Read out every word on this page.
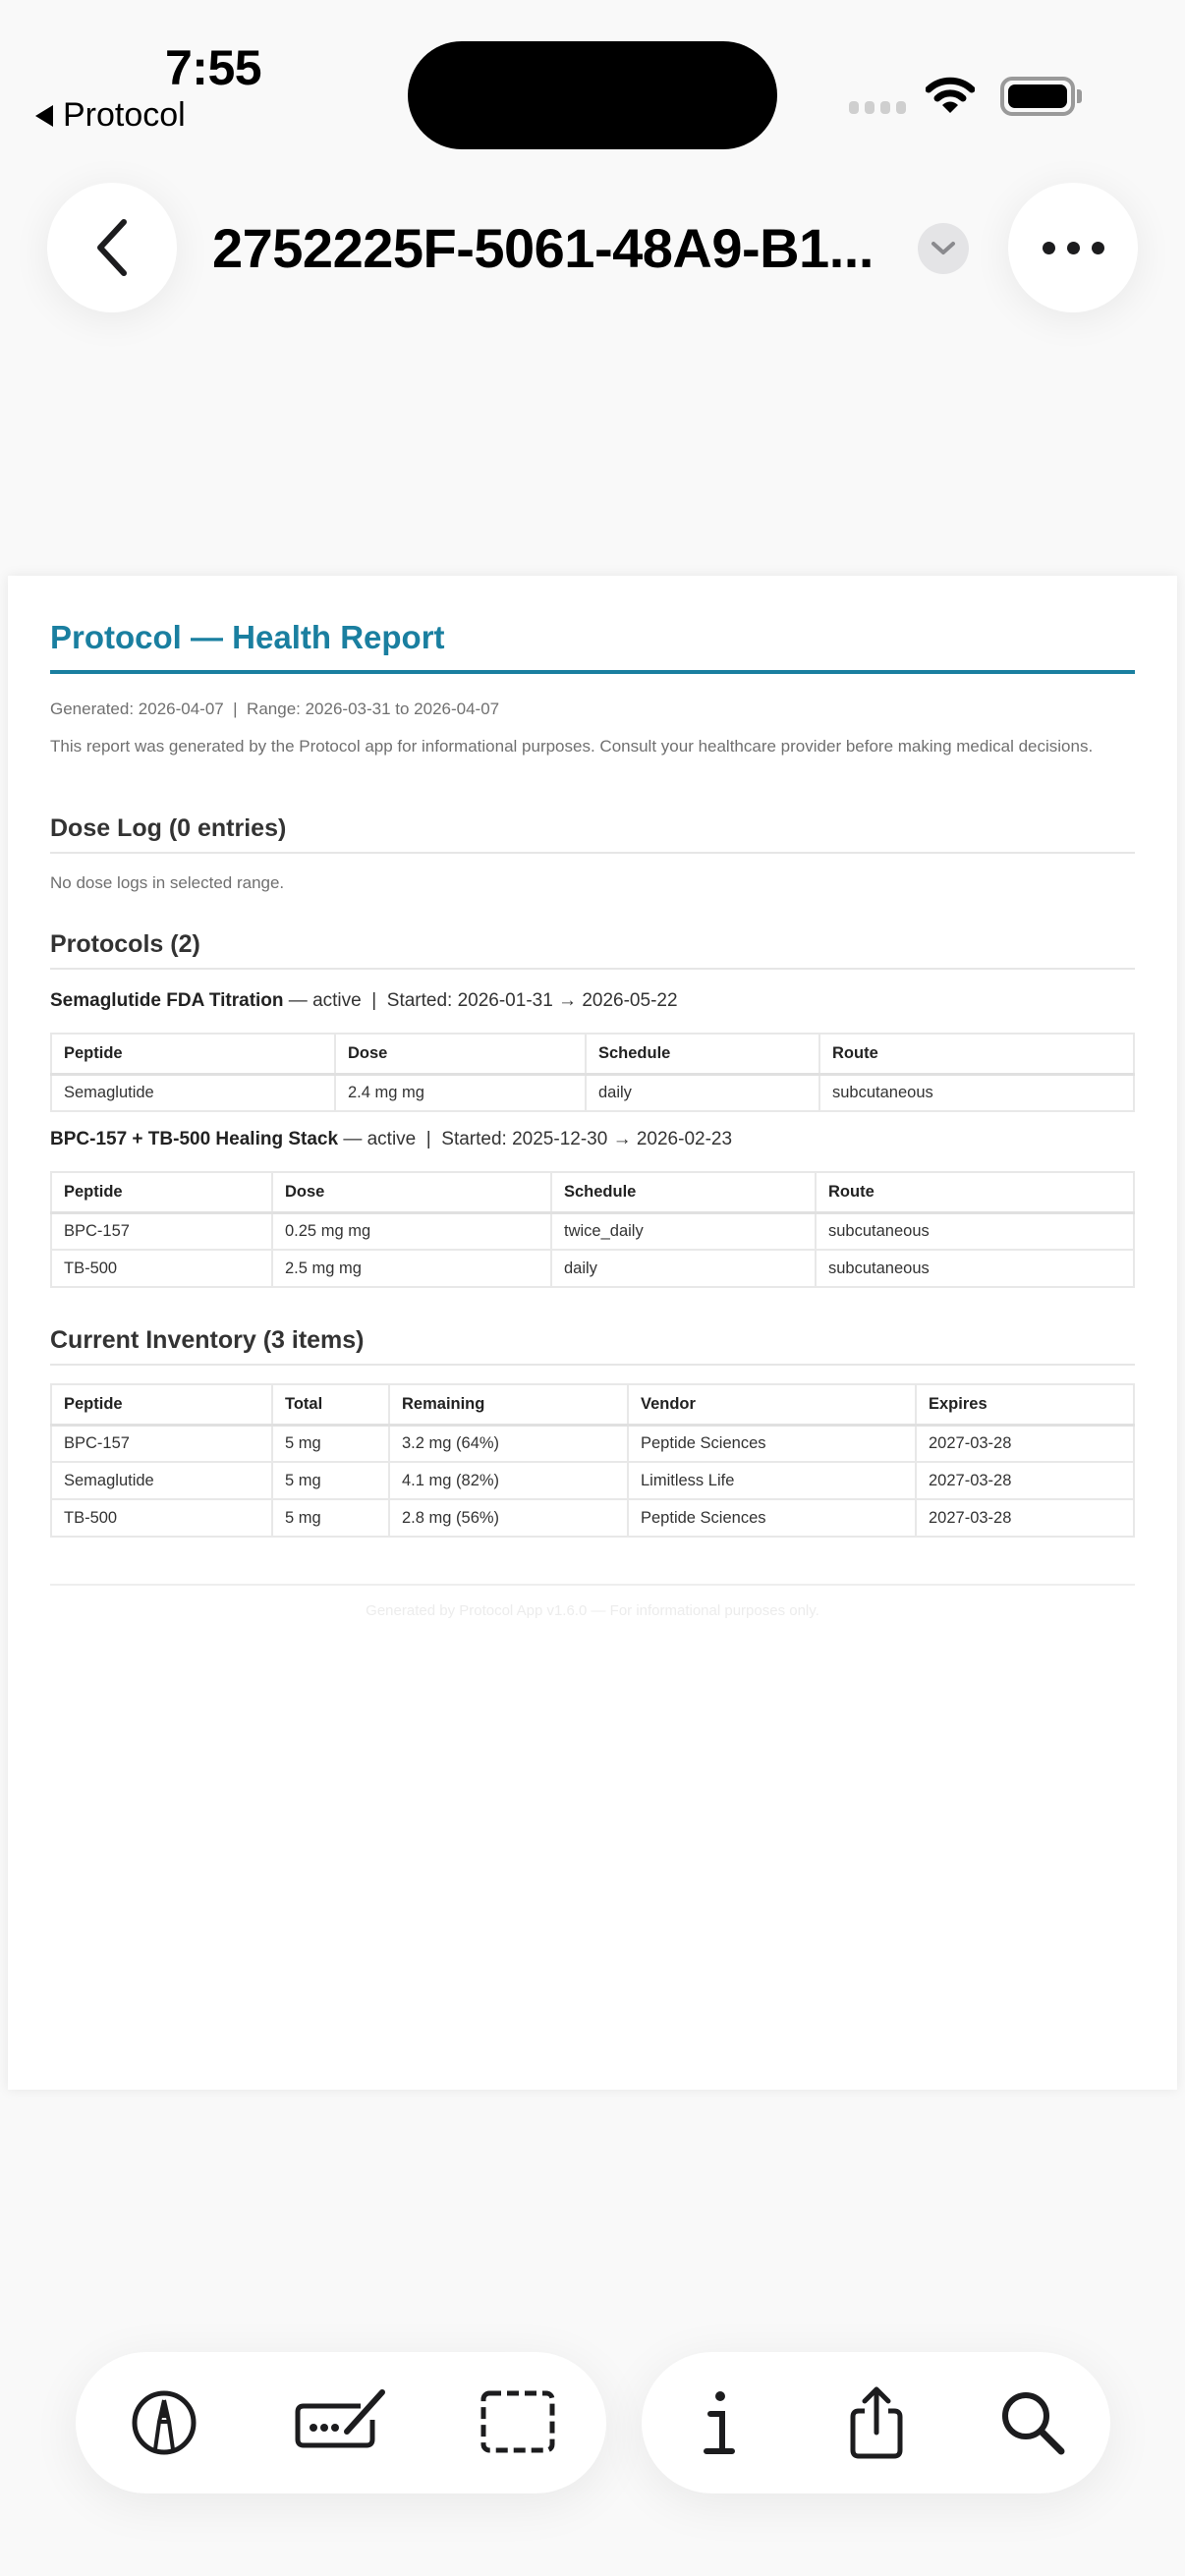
7:55
Protocol
2752225F-5061-48A9-B1...
Protocol — Health Report
Generated: 2026-04-07  |  Range: 2026-03-31 to 2026-04-07
This report was generated by the Protocol app for informational purposes. Consult your healthcare provider before making medical decisions.
Dose Log (0 entries)
No dose logs in selected range.
Protocols (2)
Semaglutide FDA Titration — active  |  Started: 2026-01-31 → 2026-05-22
Peptide	Dose	Schedule	Route
Semaglutide	2.4 mg mg	daily	subcutaneous
BPC-157 + TB-500 Healing Stack — active  |  Started: 2025-12-30 → 2026-02-23
Peptide	Dose	Schedule	Route
BPC-157	0.25 mg mg	twice_daily	subcutaneous
TB-500	2.5 mg mg	daily	subcutaneous
Current Inventory (3 items)
Peptide	Total	Remaining	Vendor	Expires
BPC-157	5 mg	3.2 mg (64%)	Peptide Sciences	2027-03-28
Semaglutide	5 mg	4.1 mg (82%)	Limitless Life	2027-03-28
TB-500	5 mg	2.8 mg (56%)	Peptide Sciences	2027-03-28
Generated by Protocol App v1.6.0 — For informational purposes only.
